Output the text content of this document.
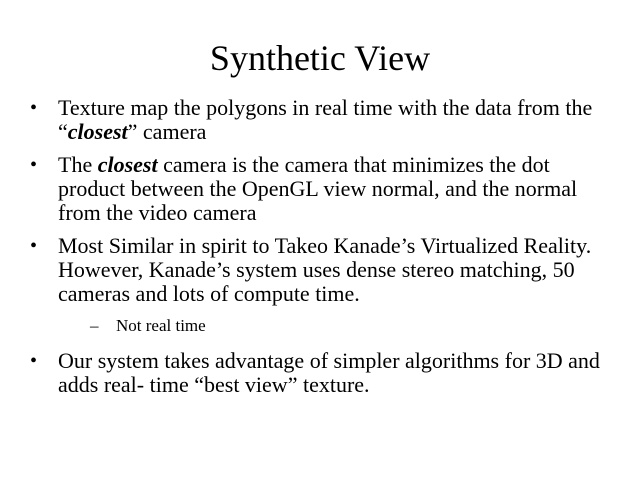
Synthetic View
• Texture map the polygons in real time with the data from the “closest” camera
• The closest camera is the camera that minimizes the dot product between the OpenGL view normal, and the normal from the video camera
• Most Similar in spirit to Takeo Kanade’s Virtualized Reality. However, Kanade’s system uses dense stereo matching, 50 cameras and lots of compute time.
– Not real time
• Our system takes advantage of simpler algorithms for 3D and adds real- time “best view” texture.
